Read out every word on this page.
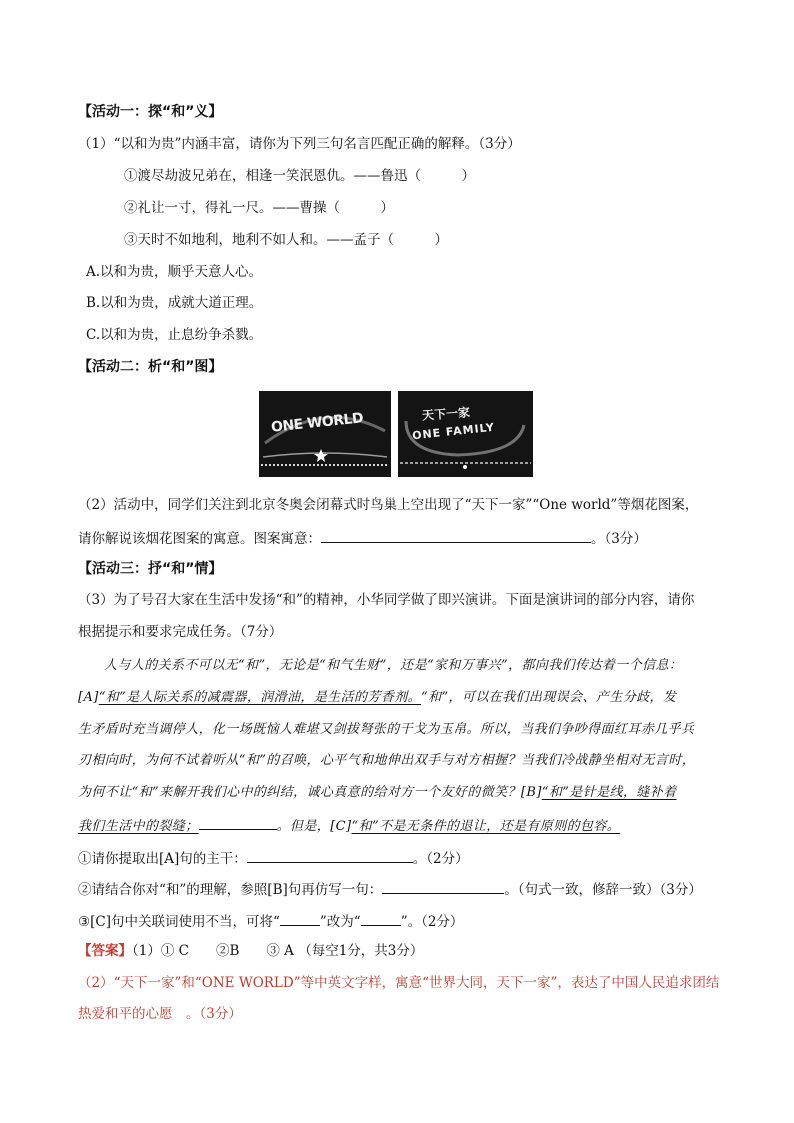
【活动一：探“和”义】
（1）“以和为贵”内涵丰富，请你为下列三句名言匹配正确的解释。（3分）
①渡尽劫波兄弟在，相逢一笑泯恩仇。——鲁迅（　　　）
②礼让一寸，得礼一尺。——曹操（　　　）
③天时不如地利，地利不如人和。——孟子（　　　）
A.以和为贵，顺乎天意人心。
B.以和为贵，成就大道正理。
C.以和为贵，止息纷争杀戮。
【活动二：析“和”图】
ONE WORLD	天下一家
ONE FAMILY
（2）活动中，同学们关注到北京冬奥会闭幕式时鸟巢上空出现了“天下一家”“One world”等烟花图案，
请你解说该烟花图案的寓意。图案寓意：	。（3分）
【活动三：抒“和”情】
（3）为了号召大家在生活中发扬“和”的精神，小华同学做了即兴演讲。下面是演讲词的部分内容，请你
根据提示和要求完成任务。（7分）
人与人的关系不可以无“和”，无论是“和气生财”，还是“家和万事兴”，都向我们传达着一个信息：
[A]“和”是人际关系的减震器，润滑油，是生活的芳香剂。“和”，可以在我们出现误会、产生分歧，发
生矛盾时充当调停人，化一场既恼人难堪又剑拔弩张的干戈为玉帛。所以，当我们争吵得面红耳赤几乎兵
刃相向时，为何不试着听从“和”的召唤，心平气和地伸出双手与对方相握？当我们冷战静坐相对无言时，
为何不让“和”来解开我们心中的纠结，诚心真意的给对方一个友好的微笑？[B]“和”是针是线，缝补着
我们生活中的裂缝；	。但是，[C]“和”不是无条件的退让，还是有原则的包容。
①请你提取出[A]句的主干：	。（2分）
②请结合你对“和”的理解，参照[B]句再仿写一句：	。（句式一致，修辞一致）（3分）
③[C]句中关联词使用不当，可将“	”改为“	”。（2分）
【答案】（1）① C　　②B　　③ A （每空1分，共3分）
（2）“天下一家”和“ONE WORLD”等中英文字样，寓意“世界大同，天下一家”，表达了中国人民追求团结
热爱和平的心愿　。（3分）
